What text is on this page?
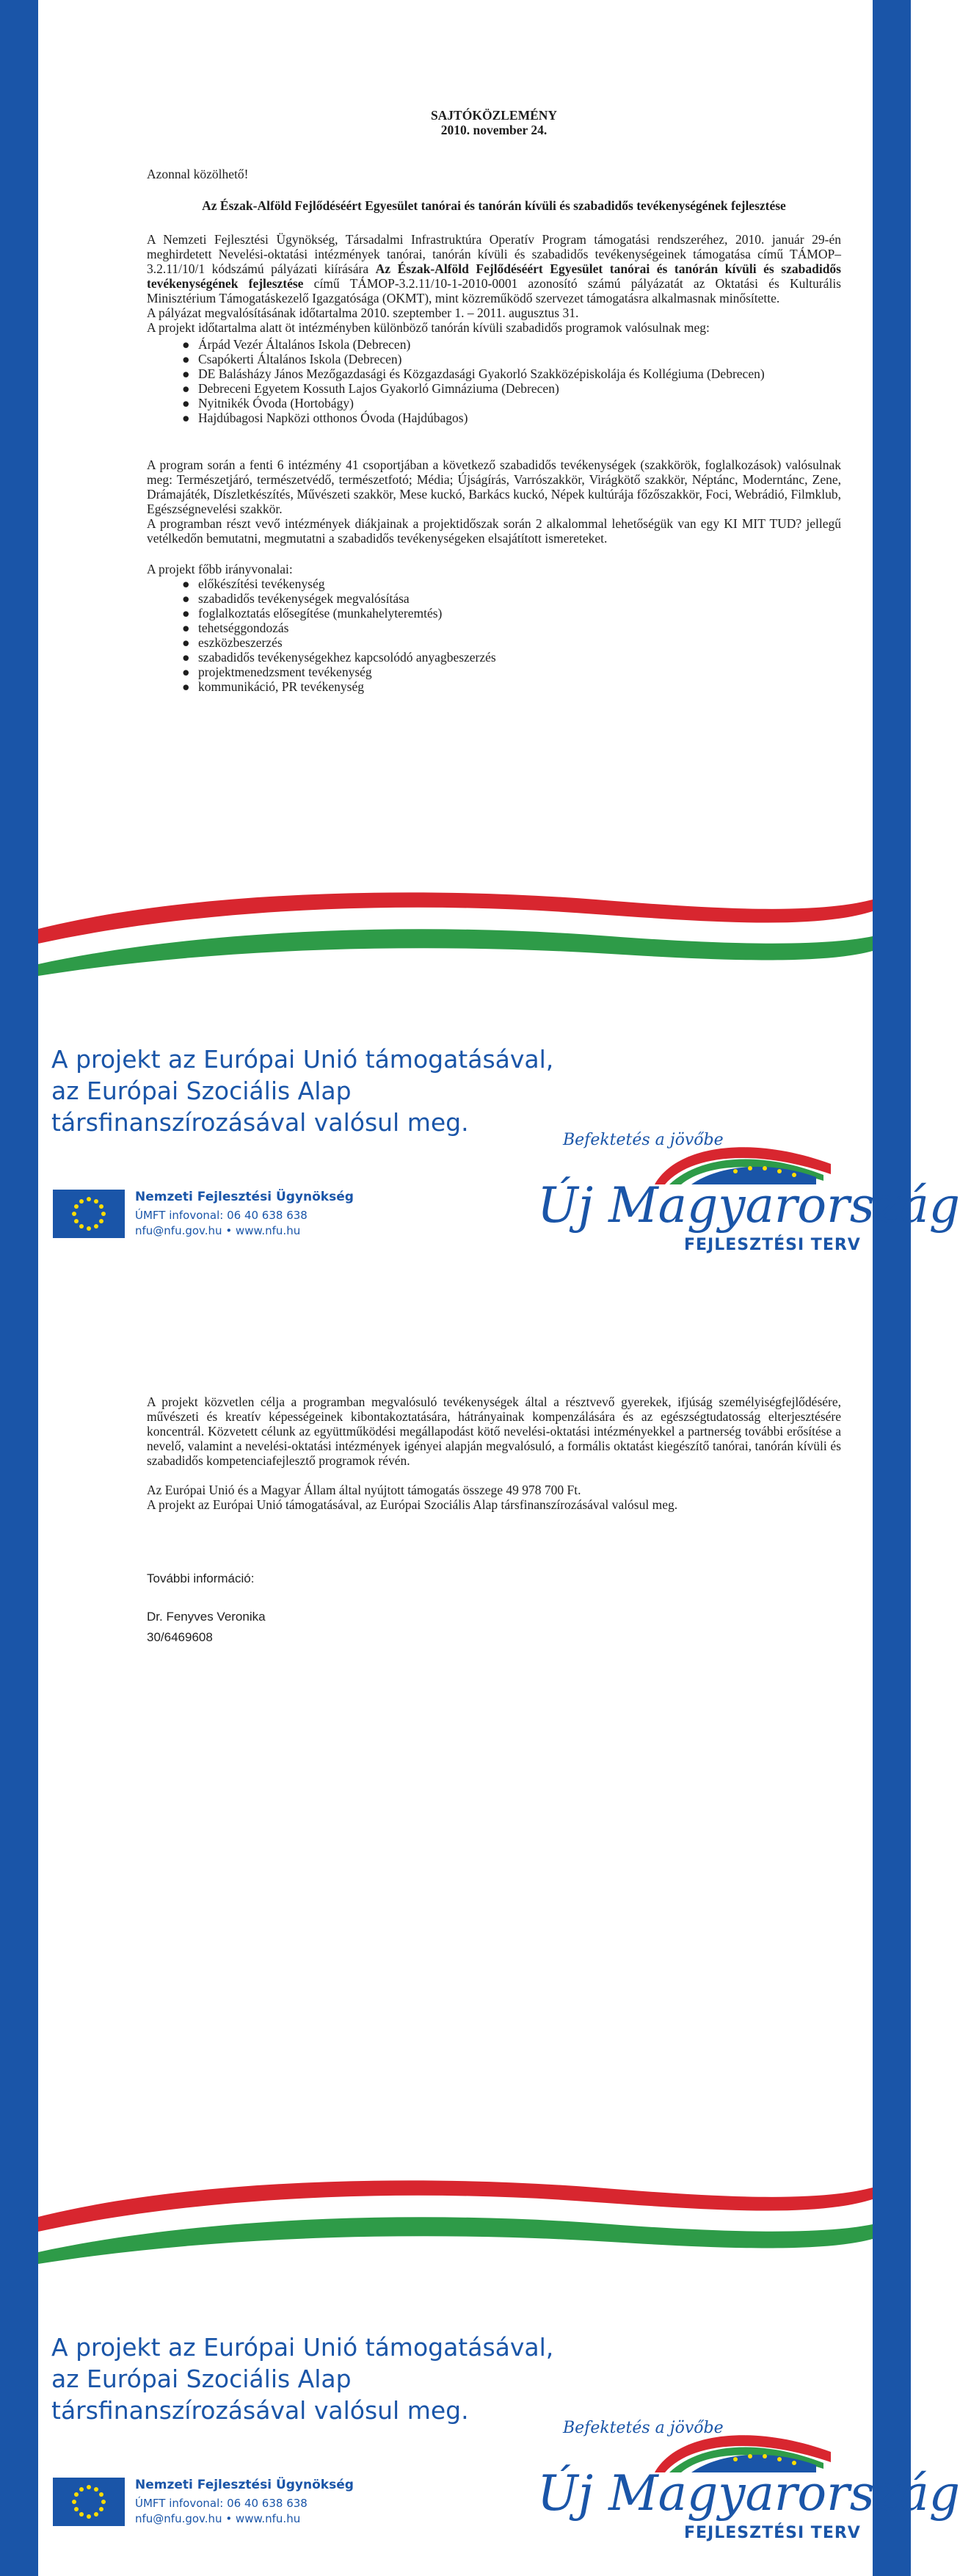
SAJTÓKÖZLEMÉNY

2010. november 24.

Azonnal közölhető!

Az Észak-Alföld Fejlődéséért Egyesület tanórai és tanórán kívüli és szabadidős tevékenységének fejlesztése

A Nemzeti Fejlesztési Ügynökség, Társadalmi Infrastruktúra Operatív Program támogatási rendszeréhez, 2010. január 29-én meghirdetett Nevelési-oktatási intézmények tanórai, tanórán kívüli és szabadidős tevékenységeinek támogatása című TÁMOP–3.2.11/10/1 kódszámú pályázati kiírására Az Észak-Alföld Fejlődéséért Egyesület tanórai és tanórán kívüli és szabadidős tevékenységének fejlesztése című TÁMOP-3.2.11/10-1-2010-0001 azonosító számú pályázatát az Oktatási és Kulturális Minisztérium Támogatáskezelő Igazgatósága (OKMT), mint közreműködő szervezet támogatásra alkalmasnak minősítette.

A pályázat megvalósításának időtartalma 2010. szeptember 1. – 2011. augusztus 31.

A projekt időtartalma alatt öt intézményben különböző tanórán kívüli szabadidős programok valósulnak meg:

● Árpád Vezér Általános Iskola (Debrecen)
● Csapókerti Általános Iskola (Debrecen)
● DE Balásházy János Mezőgazdasági és Közgazdasági Gyakorló Szakközépiskolája és Kollégiuma (Debrecen)
● Debreceni Egyetem Kossuth Lajos Gyakorló Gimnáziuma (Debrecen)
● Nyitnikék Óvoda (Hortobágy)
● Hajdúbagosi Napközi otthonos Óvoda (Hajdúbagos)

A program során a fenti 6 intézmény 41 csoportjában a következő szabadidős tevékenységek (szakkörök, foglalkozások) valósulnak meg: Természetjáró, természetvédő, természetfotó; Média; Újságírás, Varrószakkör, Virágkötő szakkör, Néptánc, Moderntánc, Zene, Drámajáték, Díszletkészítés, Művészeti szakkör, Mese kuckó, Barkács kuckó, Népek kultúrája főzőszakkör, Foci, Webrádió, Filmklub, Egészségnevelési szakkör.

A programban részt vevő intézmények diákjainak a projektidőszak során 2 alkalommal lehetőségük van egy KI MIT TUD? jellegű vetélkedőn bemutatni, megmutatni a szabadidős tevékenységeken elsajátított ismereteket.

A projekt főbb irányvonalai:

● előkészítési tevékenység
● szabadidős tevékenységek megvalósítása
● foglalkoztatás elősegítése (munkahelyteremtés)
● tehetséggondozás
● eszközbeszerzés
● szabadidős tevékenységekhez kapcsolódó anyagbeszerzés
● projektmenedzsment tevékenység
● kommunikáció, PR tevékenység
A projekt az Európai Unió támogatásával,
az Európai Szociális Alap
társfinanszírozásával valósul meg.
Nemzeti Fejlesztési Ügynökség
ÚMFT infovonal: 06 40 638 638
nfu@nfu.gov.hu • www.nfu.hu
Befektetés a jövőbe
Új Magyarország
FEJLESZTÉSI TERV

A projekt közvetlen célja a programban megvalósuló tevékenységek által a résztvevő gyerekek, ifjúság személyiségfejlődésére, művészeti és kreatív képességeinek kibontakoztatására, hátrányainak kompenzálására és az egészségtudatosság elterjesztésére koncentrál. Közvetett célunk az együttműködési megállapodást kötő nevelési-oktatási intézményekkel a partnerség további erősítése a nevelő, valamint a nevelési-oktatási intézmények igényei alapján megvalósuló, a formális oktatást kiegészítő tanórai, tanórán kívüli és szabadidős kompetenciafejlesztő programok révén.

Az Európai Unió és a Magyar Állam által nyújtott támogatás összege 49 978 700 Ft.

A projekt az Európai Unió támogatásával, az Európai Szociális Alap társfinanszírozásával valósul meg.

További információ:
Dr. Fenyves Veronika
30/6469608
A projekt az Európai Unió támogatásával,
az Európai Szociális Alap
társfinanszírozásával valósul meg.
Nemzeti Fejlesztési Ügynökség
ÚMFT infovonal: 06 40 638 638
nfu@nfu.gov.hu • www.nfu.hu
Befektetés a jövőbe
Új Magyarország
FEJLESZTÉSI TERV
